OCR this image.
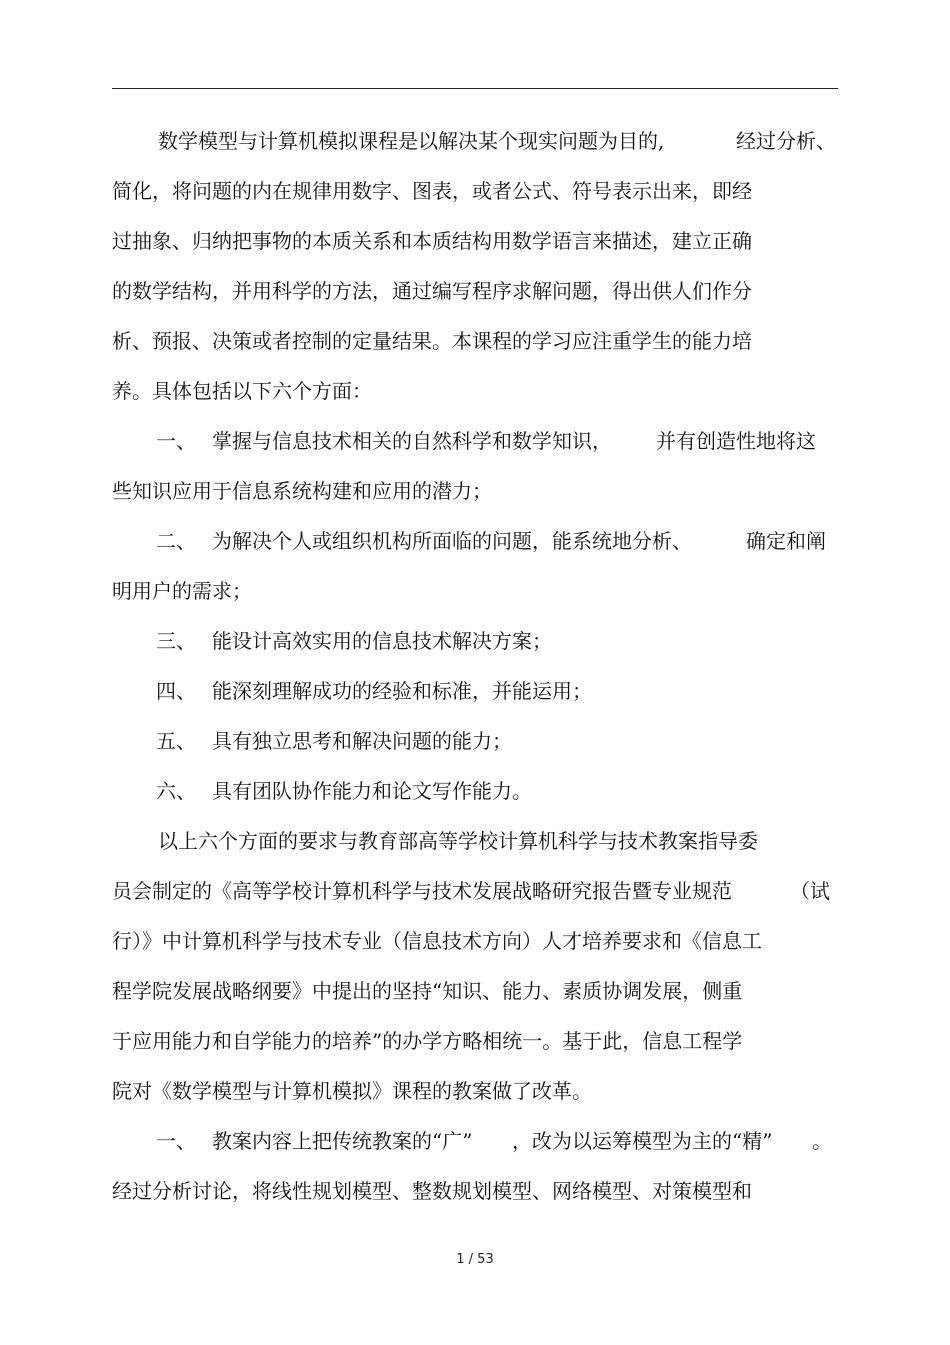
数学模型与计算机模拟课程是以解决某个现实问题为目的,

	经过分析、

简化，将问题的内在规律用数字、图表，或者公式、符号表示出来，即经

过抽象、归纳把事物的本质关系和本质结构用数学语言来描述，建立正确

的数学结构，并用科学的方法，通过编写程序求解问题，得出供人们作分

析、预报、决策或者控制的定量结果。本课程的学习应注重学生的能力培

养。具体包括以下六个方面：

一、

掌握与信息技术相关的自然科学和数学知识，

并有创造性地将这

些知识应用于信息系统构建和应用的潜力；

二、

为解决个人或组织机构所面临的问题，能系统地分析、

	确定和阐

明用户的需求；

三、

能设计高效实用的信息技术解决方案；

四、

能深刻理解成功的经验和标准，并能运用；

五、

具有独立思考和解决问题的能力；

六、

具有团队协作能力和论文写作能力。

以上六个方面的要求与教育部高等学校计算机科学与技术教案指导委

员会制定的《高等学校计算机科学与技术发展战略研究报告暨专业规范

	（试

行）》中计算机科学与技术专业（信息技术方向）人才培养要求和《信息工

程学院发展战略纲要》中提出的坚持“知识、能力、素质协调发展，侧重

于应用能力和自学能力的培养”的办学方略相统一。基于此，信息工程学

院对《数学模型与计算机模拟》课程的教案做了改革。

一、

教案内容上把传统教案的“广”

，改为以运筹模型为主的“精”

。

经过分析讨论，将线性规划模型、整数规划模型、网络模型、对策模型和

1 / 53
